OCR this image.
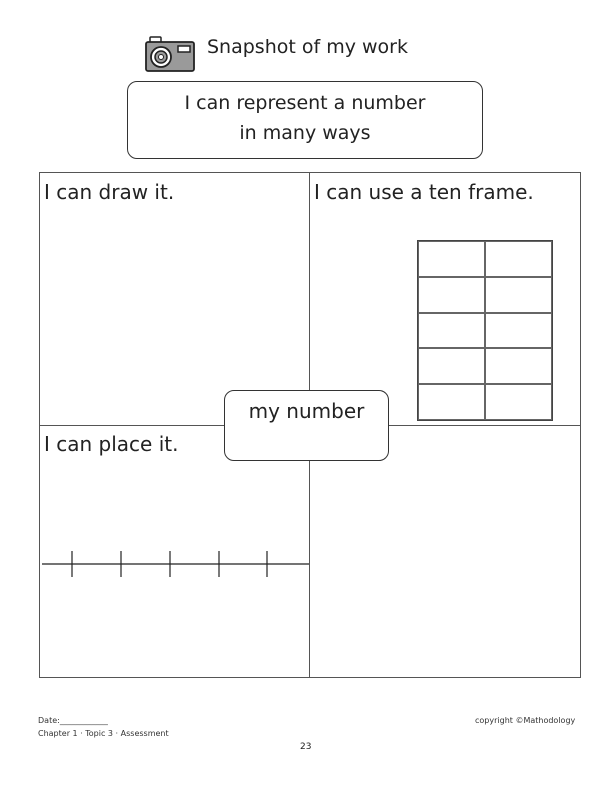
Snapshot of my work
I can represent a number
in many ways
I can draw it.	I can use a ten frame.
I can place it.
my number
Date:____________
Chapter 1 · Topic 3 · Assessment
copyright ©Mathodology
23
